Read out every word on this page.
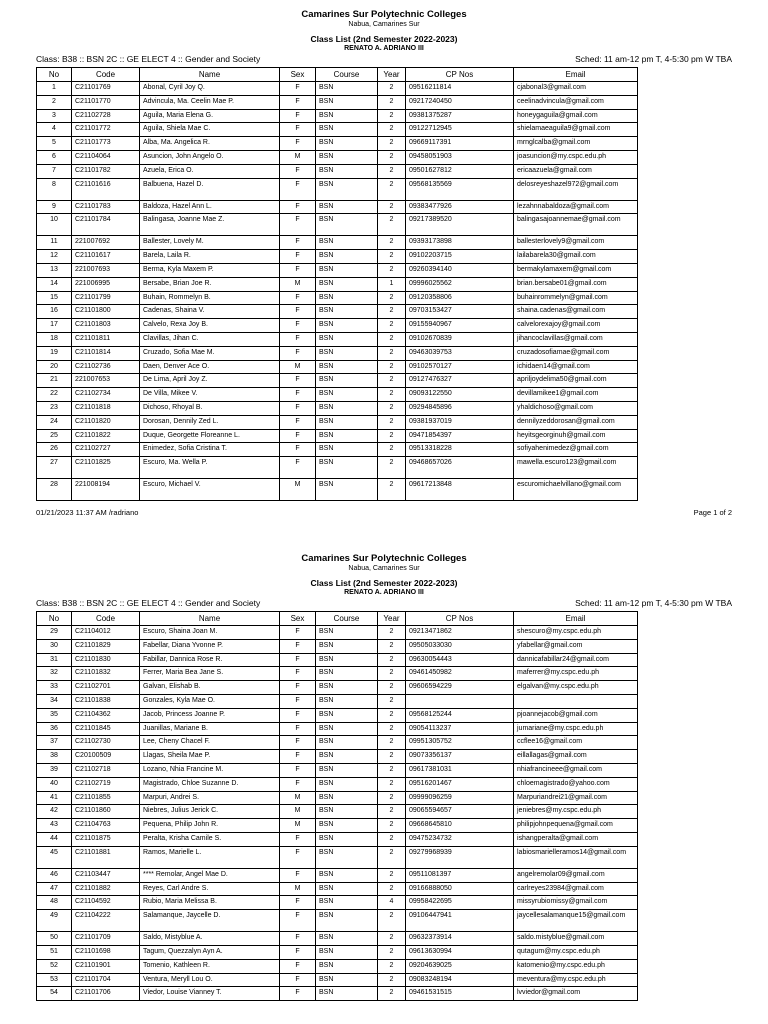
Camarines Sur Polytechnic Colleges
Nabua, Camarines Sur
Class List (2nd Semester 2022-2023)
RENATO A. ADRIANO III
Class: B38 :: BSN 2C :: GE ELECT 4 :: Gender and Society	Sched: 11 am-12 pm T, 4-5:30 pm W TBA
No	Code	Name	Sex	Course	Year	CP Nos	Email
1	C21101769	Abonal, Cyril Joy Q.	F	BSN	2	09516211814	cjabonal3@gmail.com
2	C21101770	Advincula, Ma. Ceelin Mae P.	F	BSN	2	09217240450	ceelinadvincula@gmail.com
3	C21102728	Aguila, Maria Elena G.	F	BSN	2	09381375287	honeygaguila@gmail.com
4	C21101772	Aguila, Shiela Mae C.	F	BSN	2	09122712945	shielamaeaguila9@gmail.com
5	C21101773	Alba, Ma. Angelica R.	F	BSN	2	09669117391	mrnglcalba@gmail.com
6	C21104064	Asuncion, John Angelo O.	M	BSN	2	09458051903	joasuncion@my.cspc.edu.ph
7	C21101782	Azuela, Erica O.	F	BSN	2	09501627812	ericaazuela@gmail.com
8	C21101616	Balbuena, Hazel D.	F	BSN	2	09568135569	delosreyeshazel972@gmail.com
9	C21101783	Baldoza, Hazel Ann L.	F	BSN	2	09383477926	lezahnnabaldoza@gmail.com
10	C21101784	Balingasa, Joanne Mae Z.	F	BSN	2	09217389520	balingasajoannemae@gmail.com
11	221007692	Ballester, Lovely M.	F	BSN	2	09393173898	ballesterlovely9@gmail.com
12	C21101617	Barela, Laila R.	F	BSN	2	09102203715	lailabarela30@gmail.com
13	221007693	Berma, Kyla Maxem P.	F	BSN	2	09260394140	bermakylamaxem@gmail.com
14	221006995	Bersabe, Brian Joe R.	M	BSN	1	09996025562	brian.bersabe01@gmail.com
15	C21101799	Buhain, Rommelyn B.	F	BSN	2	09120358806	buhainrommelyn@gmail.com
16	C21101800	Cadenas, Shaina V.	F	BSN	2	09703153427	shaina.cadenas@gmail.com
17	C21101803	Calvelo, Rexa Joy B.	F	BSN	2	09155940967	calvelorexajoy@gmail.com
18	C21101811	Clavillas, Jihan C.	F	BSN	2	09102670839	jihancoclavillas@gmail.com
19	C21101814	Cruzado, Sofia Mae M.	F	BSN	2	09463039753	cruzadosofiamae@gmail.com
20	C21102736	Daen, Denver Ace O.	M	BSN	2	09102570127	ichidaen14@gmail.com
21	221007653	De Lima, April Joy Z.	F	BSN	2	09127476327	apriljoydelima50@gmail.com
22	C21102734	De Villa, Mikee V.	F	BSN	2	09093122550	devillamikee1@gmail.com
23	C21101818	Dichoso, Rhoyal B.	F	BSN	2	09294845896	yhaldichoso@gmail.com
24	C21101820	Dorosan, Dennily Zed L.	F	BSN	2	09381937019	dennilyzeddorosan@gmail.com
25	C21101822	Duque, Georgette Floreanne L.	F	BSN	2	09471854397	heyitsgeorginuh@gmail.com
26	C21102727	Enimedez, Sofia Cristina T.	F	BSN	2	09513318228	sofiyahenimedez@gmail.com
27	C21101825	Escuro, Ma. Wella P.	F	BSN	2	09468657026	mawella.escuro123@gmail.com
28	221008194	Escuro, Michael V.	M	BSN	2	09617213848	escuromichaelvillano@gmail.com
01/21/2023 11:37 AM /radriano	Page 1 of 2
Camarines Sur Polytechnic Colleges
Nabua, Camarines Sur
Class List (2nd Semester 2022-2023)
RENATO A. ADRIANO III
Class: B38 :: BSN 2C :: GE ELECT 4 :: Gender and Society	Sched: 11 am-12 pm T, 4-5:30 pm W TBA
No	Code	Name	Sex	Course	Year	CP Nos	Email
29	C21104012	Escuro, Shaina Joan M.	F	BSN	2	09213471862	shescuro@my.cspc.edu.ph
30	C21101829	Fabellar, Diana Yvonne P.	F	BSN	2	09505033030	yfabellar@gmail.com
31	C21101830	Fabillar, Dannica Rose R.	F	BSN	2	09630054443	dannicafabillar24@gmail.com
32	C21101832	Ferrer, Maria Bea Jane S.	F	BSN	2	09461450982	maferrer@my.cspc.edu.ph
33	C21102701	Galvan, Elishab B.	F	BSN	2	09606594229	elgalvan@my.cspc.edu.ph
34	C21101838	Gonzales, Kyla Mae O.	F	BSN	2		
35	C21104362	Jacob, Princess Joanne P.	F	BSN	2	09568125244	pjoannejacob@gmail.com
36	C21101845	Juanillas, Mariane B.	F	BSN	2	09054113237	jumariane@my.cspc.edu.ph
37	C21102730	Lee, Cheny Chacel F.	F	BSN	2	09951305752	ccflee16@gmail.com
38	C20100509	Llagas, Sheila Mae P.	F	BSN	2	09073356137	eillallagas@gmail.com
39	C21102718	Lozano, Nhia Francine M.	F	BSN	2	09617381031	nhiafrancineee@gmail.com
40	C21102719	Magistrado, Chloe Suzanne D.	F	BSN	2	09516201467	chloemagistrado@yahoo.com
41	C21101855	Marpuri, Andrei S.	M	BSN	2	09999096259	Marpuriandrei21@gmail.com
42	C21101860	Niebres, Julius Jerick C.	M	BSN	2	09065594657	jeniebres@my.cspc.edu.ph
43	C21104763	Pequena, Philip John R.	M	BSN	2	09668645810	philipjohnpequena@gmail.com
44	C21101875	Peralta, Krisha Camile S.	F	BSN	2	09475234732	ishangperalta@gmail.com
45	C21101881	Ramos, Marielle L.	F	BSN	2	09279968939	labiosmarielleramos14@gmail.com
46	C21103447	**** Remolar, Angel Mae D.	F	BSN	2	09511081397	angelremolar09@gmail.com
47	C21101882	Reyes, Carl Andre S.	M	BSN	2	09166888050	carlreyes23984@gmail.com
48	C21104592	Rubio, Maria Melissa B.	F	BSN	4	09958422695	missyrubiomissy@gmail.com
49	C21104222	Salamanque, Jaycelle D.	F	BSN	2	09106447941	jaycellesalamanque15@gmail.com
50	C21101709	Saldo, Mistyblue A.	F	BSN	2	09632373914	saldo.mistyblue@gmail.com
51	C21101698	Tagum, Quezzalyn Ayn A.	F	BSN	2	09613630994	qutagum@my.cspc.edu.ph
52	C21101901	Tomenio, Kathleen R.	F	BSN	2	09204639025	katomenio@my.cspc.edu.ph
53	C21101704	Ventura, Meryll Lou O.	F	BSN	2	09083248194	meventura@my.cspc.edu.ph
54	C21101706	Viedor, Louise Vianney T.	F	BSN	2	09461531515	lvviedor@gmail.com
